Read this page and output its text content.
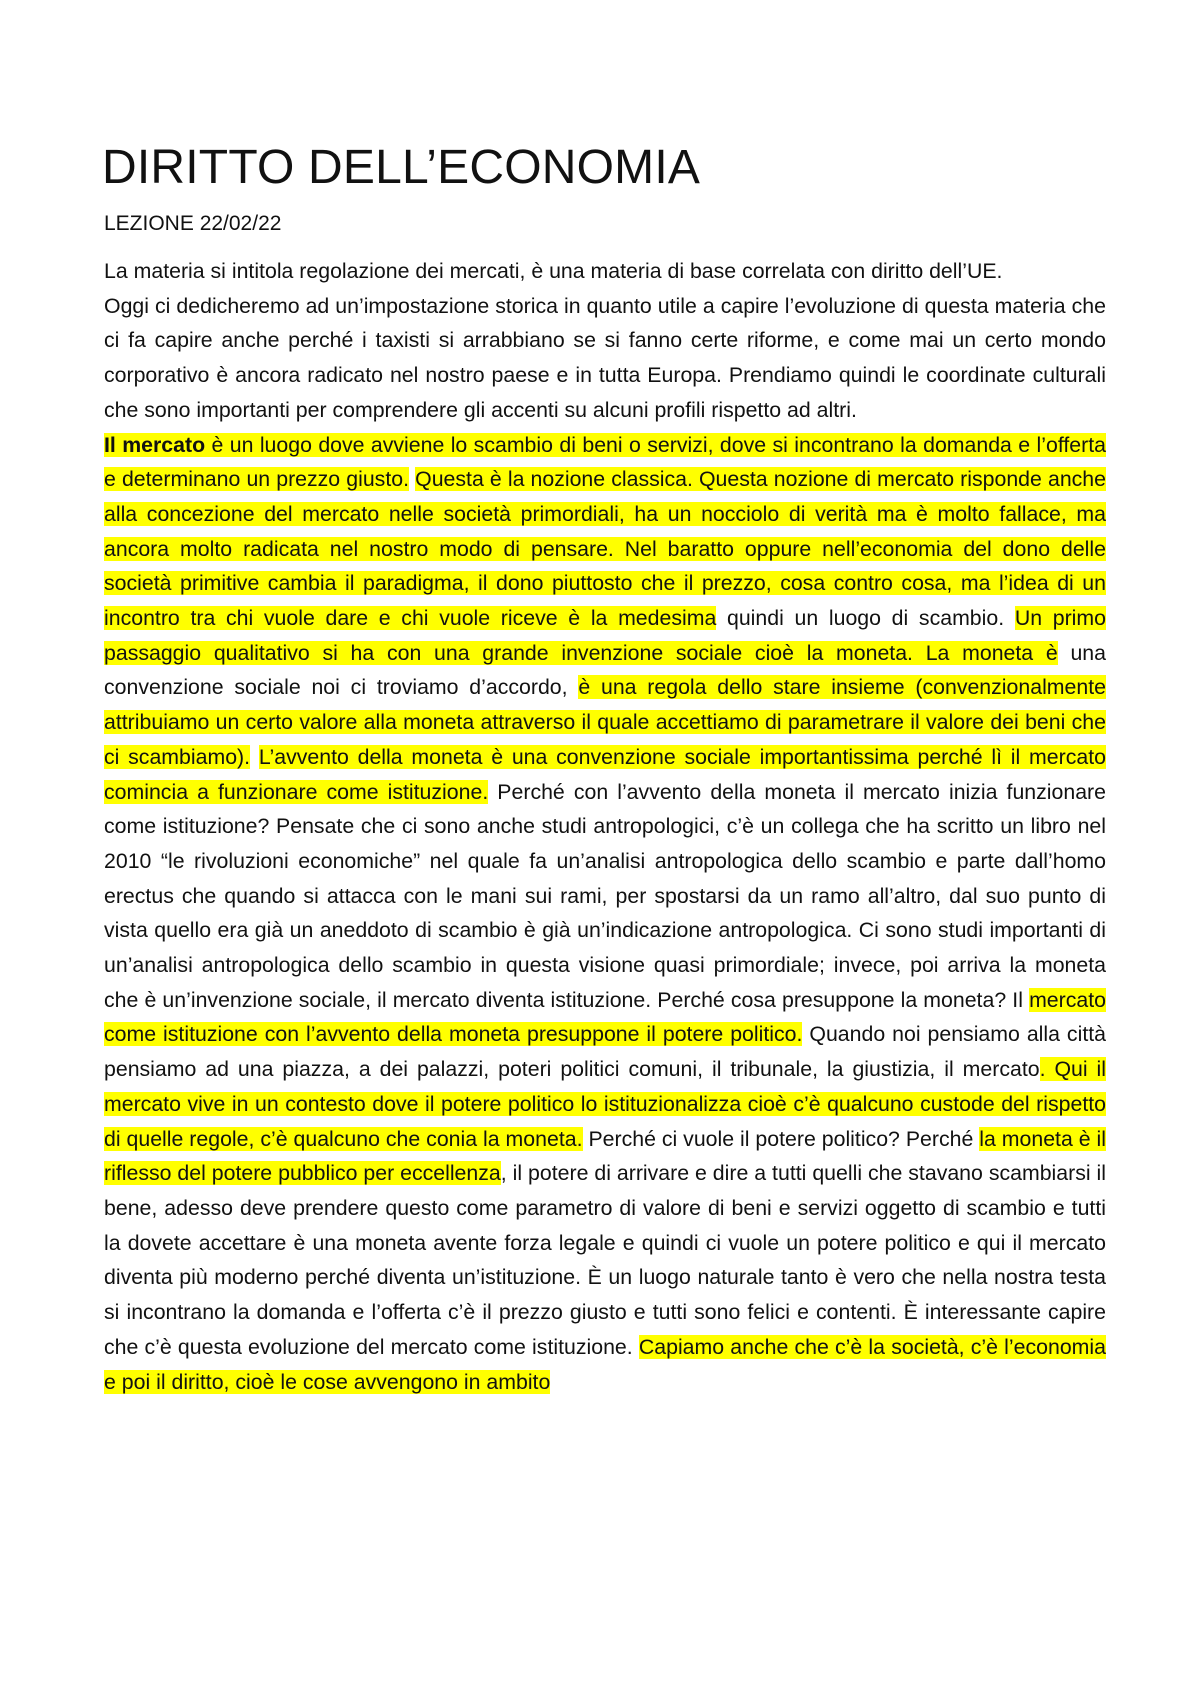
DIRITTO DELL’ECONOMIA
LEZIONE 22/02/22

La materia si intitola regolazione dei mercati, è una materia di base correlata con diritto dell’UE.

Oggi ci dedicheremo ad un’impostazione storica in quanto utile a capire l’evoluzione di questa materia che ci fa capire anche perché i taxisti si arrabbiano se si fanno certe riforme, e come mai un certo mondo corporativo è ancora radicato nel nostro paese e in tutta Europa. Prendiamo quindi le coordinate culturali che sono importanti per comprendere gli accenti su alcuni profili rispetto ad altri.

Il mercato è un luogo dove avviene lo scambio di beni o servizi, dove si incontrano la domanda e l’offerta e determinano un prezzo giusto. Questa è la nozione classica. Questa nozione di mercato risponde anche alla concezione del mercato nelle società primordiali, ha un nocciolo di verità ma è molto fallace, ma ancora molto radicata nel nostro modo di pensare. Nel baratto oppure nell’economia del dono delle società primitive cambia il paradigma, il dono piuttosto che il prezzo, cosa contro cosa, ma l’idea di un incontro tra chi vuole dare e chi vuole riceve è la medesima quindi un luogo di scambio. Un primo passaggio qualitativo si ha con una grande invenzione sociale cioè la moneta. La moneta è una convenzione sociale noi ci troviamo d’accordo, è una regola dello stare insieme (convenzionalmente attribuiamo un certo valore alla moneta attraverso il quale accettiamo di parametrare il valore dei beni che ci scambiamo). L’avvento della moneta è una convenzione sociale importantissima perché lì il mercato comincia a funzionare come istituzione. Perché con l’avvento della moneta il mercato inizia funzionare come istituzione? Pensate che ci sono anche studi antropologici, c’è un collega che ha scritto un libro nel 2010 “le rivoluzioni economiche” nel quale fa un’analisi antropologica dello scambio e parte dall’homo erectus che quando si attacca con le mani sui rami, per spostarsi da un ramo all’altro, dal suo punto di vista quello era già un aneddoto di scambio è già un’indicazione antropologica. Ci sono studi importanti di un’analisi antropologica dello scambio in questa visione quasi primordiale; invece, poi arriva la moneta che è un’invenzione sociale, il mercato diventa istituzione. Perché cosa presuppone la moneta? Il mercato come istituzione con l’avvento della moneta presuppone il potere politico. Quando noi pensiamo alla città pensiamo ad una piazza, a dei palazzi, poteri politici comuni, il tribunale, la giustizia, il mercato. Qui il mercato vive in un contesto dove il potere politico lo istituzionalizza cioè c’è qualcuno custode del rispetto di quelle regole, c’è qualcuno che conia la moneta. Perché ci vuole il potere politico? Perché la moneta è il riflesso del potere pubblico per eccellenza, il potere di arrivare e dire a tutti quelli che stavano scambiarsi il bene, adesso deve prendere questo come parametro di valore di beni e servizi oggetto di scambio e tutti la dovete accettare è una moneta avente forza legale e quindi ci vuole un potere politico e qui il mercato diventa più moderno perché diventa un’istituzione. È un luogo naturale tanto è vero che nella nostra testa si incontrano la domanda e l’offerta c’è il prezzo giusto e tutti sono felici e contenti. È interessante capire che c’è questa evoluzione del mercato come istituzione. Capiamo anche che c’è la società, c’è l’economia e poi il diritto, cioè le cose avvengono in ambito
